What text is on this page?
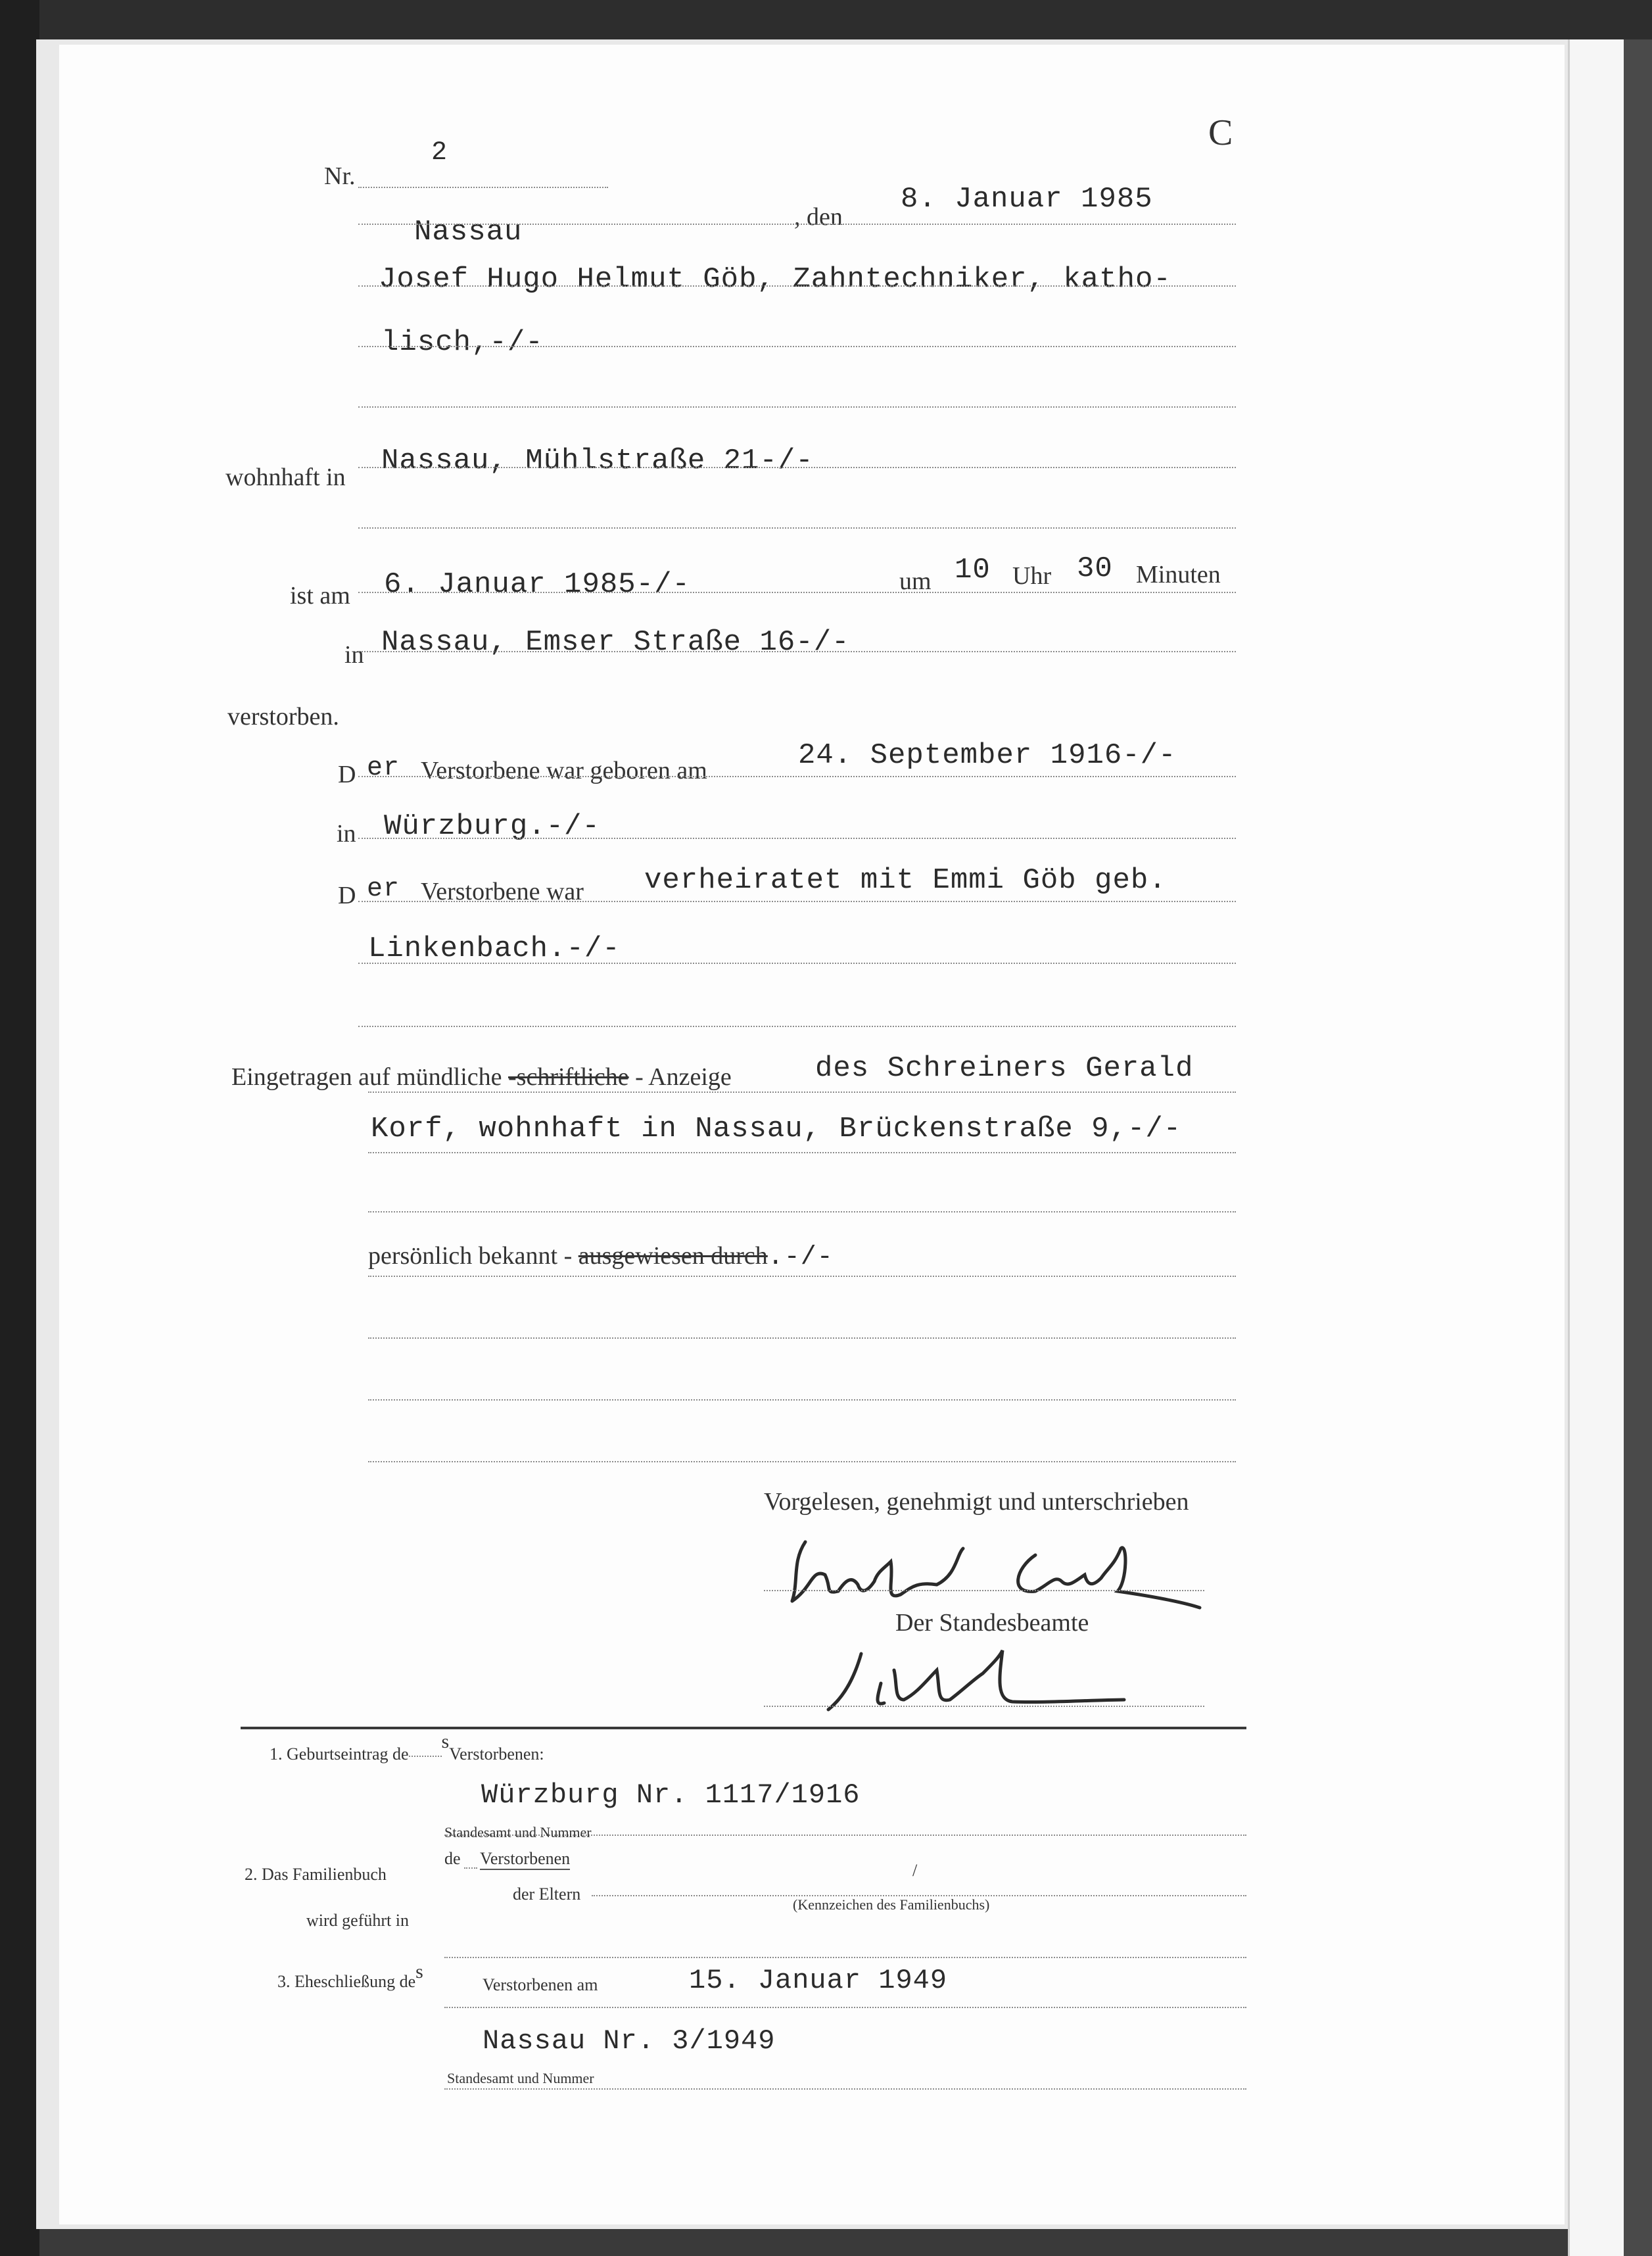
C
Nr.
2
Nassau	, den
8. Januar 1985
Josef Hugo Helmut Göb, Zahntechniker, katho-
lisch,-/-
wohnhaft in Nassau, Mühlstraße 21-/-
ist am 6. Januar 1985-/-	um 10 Uhr 30 Minuten
in Nassau, Emser Straße 16-/-
verstorben.
D er Verstorbene war geboren am	24. September 1916-/-
in Würzburg.-/-
D er Verstorbene war verheiratet mit Emmi Göb geb.
Linkenbach.-/-
Eingetragen auf mündliche -schriftliche - Anzeige	des Schreiners Gerald
Korf, wohnhaft in Nassau, Brückenstraße 9,-/-
persönlich bekannt - ausgewiesen durch.-/-
Vorgelesen, genehmigt und unterschrieben
Der Standesbeamte
1. Geburtseintrag desVerstorbenen:
Würzburg Nr. 1117/1916
Standesamt und Nummer
2. Das Familienbuch
de Verstorbenen
der Eltern
/
(Kennzeichen des Familienbuchs)
wird geführt in
3. Eheschließung des
Verstorbenen am	15. Januar 1949
Nassau Nr. 3/1949
Standesamt und Nummer
